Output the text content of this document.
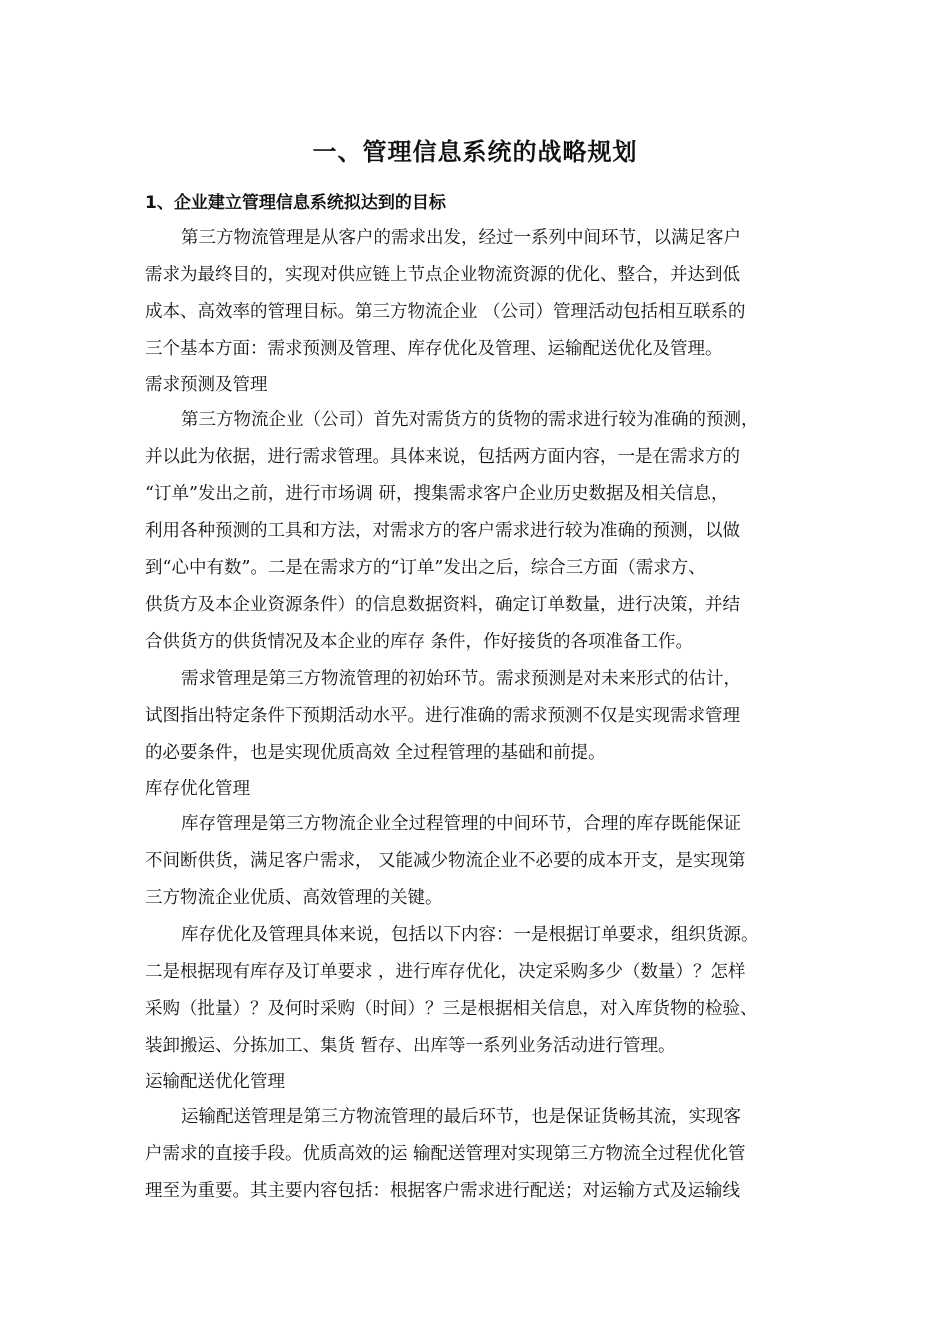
一、管理信息系统的战略规划
1、企业建立管理信息系统拟达到的目标
第三方物流管理是从客户的需求出发，经过一系列中间环节，以满足客户
需求为最终目的，实现对供应链上节点企业物流资源的优化、整合，并达到低
成本、高效率的管理目标。第三方物流企业 （公司）管理活动包括相互联系的
三个基本方面：需求预测及管理、库存优化及管理、运输配送优化及管理。
需求预测及管理
第三方物流企业（公司）首先对需货方的货物的需求进行较为准确的预测，
并以此为依据，进行需求管理。具体来说，包括两方面内容，一是在需求方的
“订单”发出之前，进行市场调 研，搜集需求客户企业历史数据及相关信息，
利用各种预测的工具和方法，对需求方的客户需求进行较为准确的预测，以做
到“心中有数”。二是在需求方的“订单”发出之后，综合三方面（需求方、
供货方及本企业资源条件）的信息数据资料，确定订单数量，进行决策，并结
合供货方的供货情况及本企业的库存 条件，作好接货的各项准备工作。
需求管理是第三方物流管理的初始环节。需求预测是对未来形式的估计，
试图指出特定条件下预期活动水平。进行准确的需求预测不仅是实现需求管理
的必要条件，也是实现优质高效 全过程管理的基础和前提。
库存优化管理
库存管理是第三方物流企业全过程管理的中间环节，合理的库存既能保证
不间断供货，满足客户需求， 又能减少物流企业不必要的成本开支，是实现第
三方物流企业优质、高效管理的关键。
库存优化及管理具体来说，包括以下内容：一是根据订单要求，组织货源。
二是根据现有库存及订单要求 ，进行库存优化，决定采购多少（数量）？怎样
采购（批量）？及何时采购（时间）？三是根据相关信息，对入库货物的检验、
装卸搬运、分拣加工、集货 暂存、出库等一系列业务活动进行管理。
运输配送优化管理
运输配送管理是第三方物流管理的最后环节，也是保证货畅其流，实现客
户需求的直接手段。优质高效的运 输配送管理对实现第三方物流全过程优化管
理至为重要。其主要内容包括：根据客户需求进行配送；对运输方式及运输线
